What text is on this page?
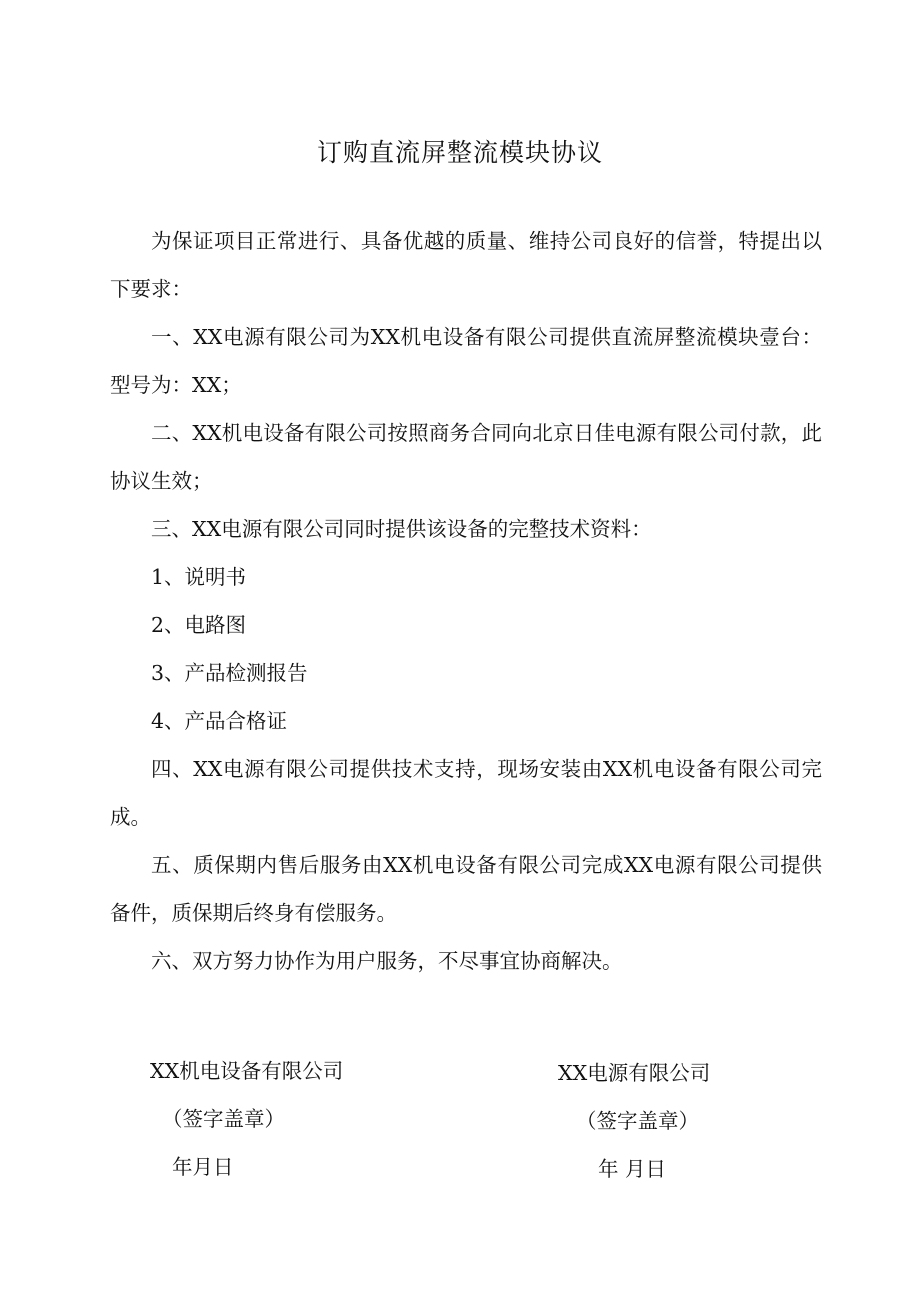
订购直流屏整流模块协议

为保证项目正常进行、具备优越的质量、维持公司良好的信誉，特提出以下要求：

一、XX电源有限公司为XX机电设备有限公司提供直流屏整流模块壹台：型号为：XX；

二、XX机电设备有限公司按照商务合同向北京日佳电源有限公司付款，此协议生效；

三、XX电源有限公司同时提供该设备的完整技术资料：

1、说明书

2、电路图

3、产品检测报告

4、产品合格证

四、XX电源有限公司提供技术支持，现场安装由XX机电设备有限公司完成。

五、质保期内售后服务由XX机电设备有限公司完成XX电源有限公司提供备件，质保期后终身有偿服务。

六、双方努力协作为用户服务，不尽事宜协商解决。

XX机电设备有限公司
（签字盖章）
年月日
XX电源有限公司
（签字盖章）
年 月日
